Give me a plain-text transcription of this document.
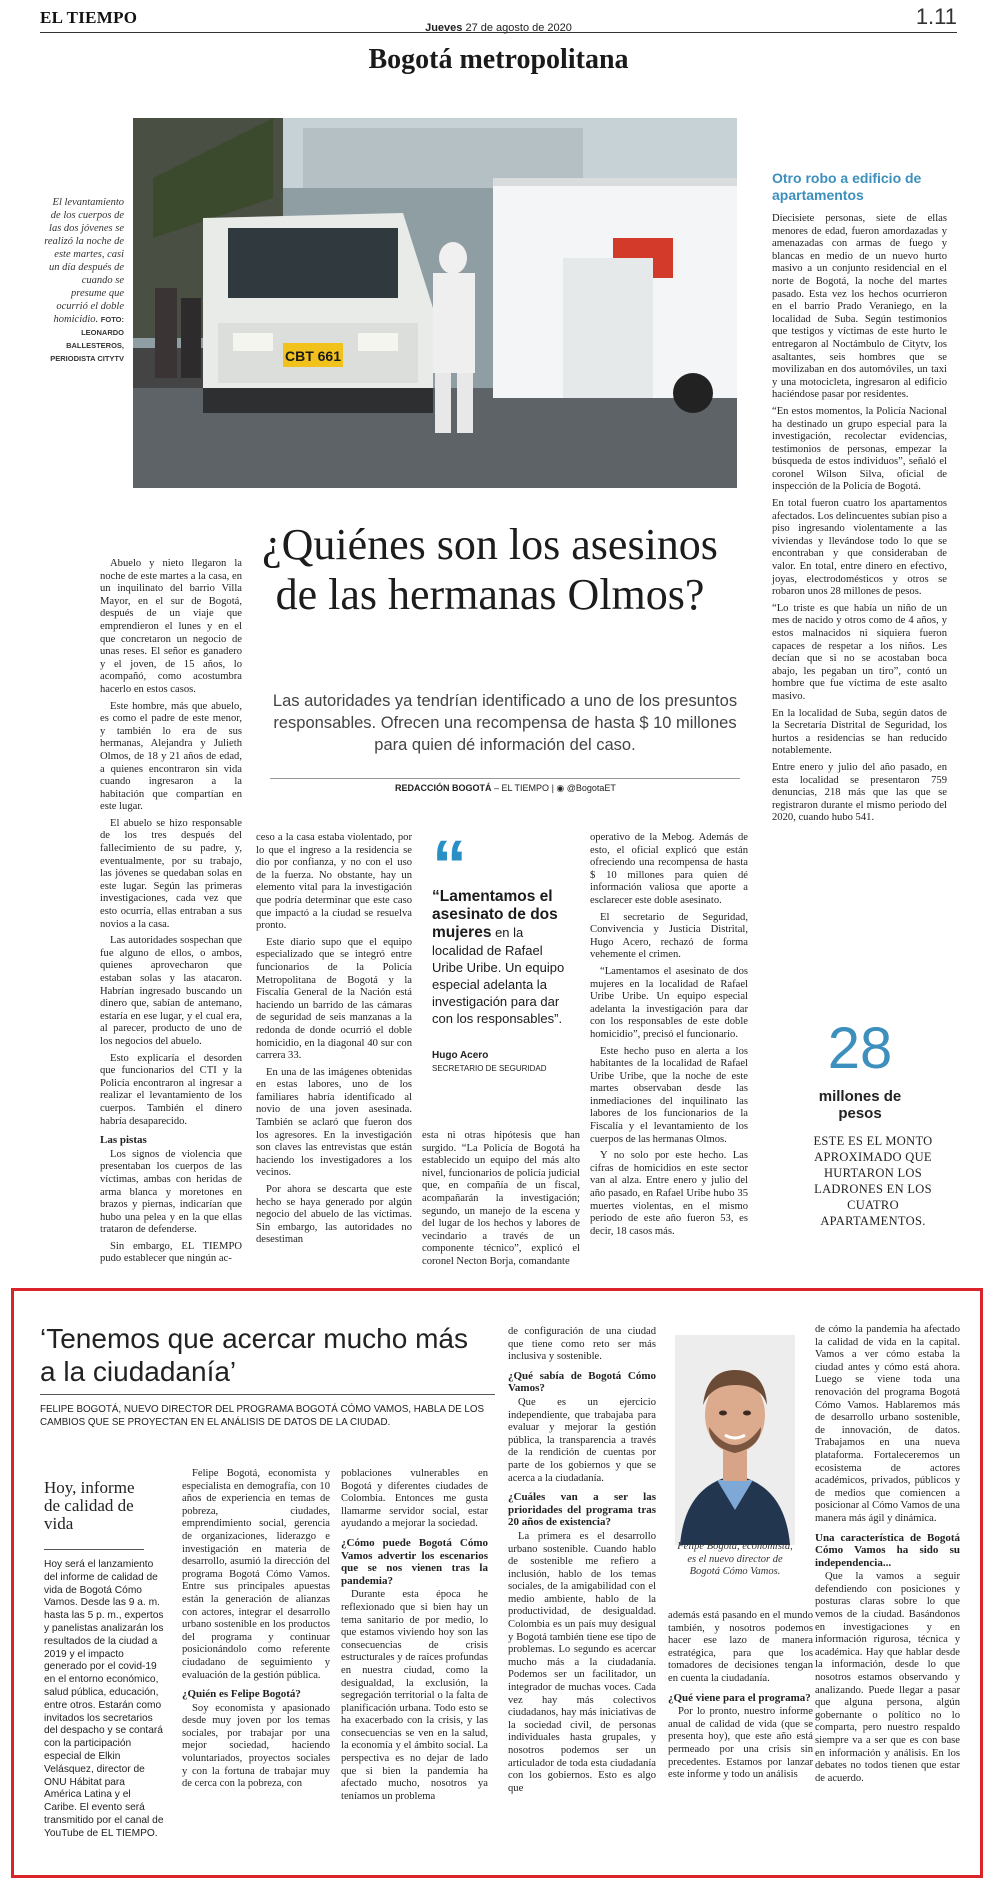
EL TIEMPO
Jueves 27 de agosto de 2020	1.11
Bogotá metropolitana
CBT 661
El levantamiento de los cuerpos de las dos jóvenes se realizó la noche de este martes, casi un día después de cuando se presume que ocurrió el doble homicidio. FOTO: LEONARDO BALLESTEROS, PERIODISTA CITYTV
Otro robo a edificio de apartamentos

Diecisiete personas, siete de ellas menores de edad, fueron amordazadas y amenazadas con armas de fuego y blancas en medio de un nuevo hurto masivo a un conjunto residencial en el norte de Bogotá, la noche del martes pasado. Esta vez los hechos ocurrieron en el barrio Prado Veraniego, en la localidad de Suba. Según testimonios que testigos y víctimas de este hurto le entregaron al Noctámbulo de Citytv, los asaltantes, seis hombres que se movilizaban en dos automóviles, un taxi y una motocicleta, ingresaron al edificio haciéndose pasar por residentes.

“En estos momentos, la Policía Nacional ha destinado un grupo especial para la investigación, recolectar evidencias, testimonios de personas, empezar la búsqueda de estos individuos”, señaló el coronel Wilson Silva, oficial de inspección de la Policía de Bogotá.

En total fueron cuatro los apartamentos afectados. Los delincuentes subían piso a piso ingresando violentamente a las viviendas y llevándose todo lo que se encontraban y que consideraban de valor. En total, entre dinero en efectivo, joyas, electrodomésticos y otros se robaron unos 28 millones de pesos.

“Lo triste es que había un niño de un mes de nacido y otros como de 4 años, y estos malnacidos ni siquiera fueron capaces de respetar a los niños. Les decían que si no se acostaban boca abajo, les pegaban un tiro”, contó un hombre que fue víctima de este asalto masivo.

En la localidad de Suba, según datos de la Secretaría Distrital de Seguridad, los hurtos a residencias se han reducido notablemente.

Entre enero y julio del año pasado, en esta localidad se presentaron 759 denuncias, 218 más que las que se registraron durante el mismo periodo del 2020, cuando hubo 541.

28
millones de pesos
ESTE ES EL MONTO APROXIMADO QUE HURTARON LOS LADRONES EN LOS CUATRO APARTAMENTOS.
¿Quiénes son los asesinos de las hermanas Olmos?
Las autoridades ya tendrían identificado a uno de los presuntos responsables. Ofrecen una recompensa de hasta $ 10 millones para quien dé información del caso.
REDACCIÓN BOGOTÁ – EL TIEMPO | ◉ @BogotaET

Abuelo y nieto llegaron la noche de este martes a la casa, en un inquilinato del barrio Villa Mayor, en el sur de Bogotá, después de un viaje que emprendieron el lunes y en el que concretaron un negocio de unas reses. El señor es ganadero y el joven, de 15 años, lo acompañó, como acostumbra hacerlo en estos casos.

Este hombre, más que abuelo, es como el padre de este menor, y también lo era de sus hermanas, Alejandra y Julieth Olmos, de 18 y 21 años de edad, a quienes encontraron sin vida cuando ingresaron a la habitación que compartían en este lugar.

El abuelo se hizo responsable de los tres después del fallecimiento de su padre, y, eventualmente, por su trabajo, las jóvenes se quedaban solas en este lugar. Según las primeras investigaciones, cada vez que esto ocurría, ellas entraban a sus novios a la casa.

Las autoridades sospechan que fue alguno de ellos, o ambos, quienes aprovecharon que estaban solas y las atacaron. Habrían ingresado buscando un dinero que, sabían de antemano, estaría en ese lugar, y el cual era, al parecer, producto de uno de los negocios del abuelo.

Esto explicaría el desorden que funcionarios del CTI y la Policía encontraron al ingresar a realizar el levantamiento de los cuerpos. También el dinero habría desaparecido.

Las pistas

Los signos de violencia que presentaban los cuerpos de las víctimas, ambas con heridas de arma blanca y moretones en brazos y piernas, indicarían que hubo una pelea y en la que ellas trataron de defenderse.

Sin embargo, EL TIEMPO pudo establecer que ningún ac-

ceso a la casa estaba violentado, por lo que el ingreso a la residencia se dio por confianza, y no con el uso de la fuerza. No obstante, hay un elemento vital para la investigación que podría determinar que este caso que impactó a la ciudad se resuelva pronto.

Este diario supo que el equipo especializado que se integró entre funcionarios de la Policía Metropolitana de Bogotá y la Fiscalía General de la Nación está haciendo un barrido de las cámaras de seguridad de seis manzanas a la redonda de donde ocurrió el doble homicidio, en la diagonal 40 sur con carrera 33.

En una de las imágenes obtenidas en estas labores, uno de los familiares habría identificado al novio de una joven asesinada. También se aclaró que fueron dos los agresores. En la investigación son claves las entrevistas que están haciendo los investigadores a los vecinos.

Por ahora se descarta que este hecho se haya generado por algún negocio del abuelo de las víctimas. Sin embargo, las autoridades no desestiman

“
“Lamentamos el asesinato de dos mujeres en la localidad de Rafael Uribe Uribe. Un equipo especial adelanta la investigación para dar con los responsables”.
Hugo Acero
SECRETARIO DE SEGURIDAD

esta ni otras hipótesis que han surgido. “La Policía de Bogotá ha establecido un equipo del más alto nivel, funcionarios de policía judicial que, en compañía de un fiscal, acompañarán la investigación; segundo, un manejo de la escena y del lugar de los hechos y labores de vecindario a través de un componente técnico”, explicó el coronel Necton Borja, comandante

operativo de la Mebog. Además de esto, el oficial explicó que están ofreciendo una recompensa de hasta $ 10 millones para quien dé información valiosa que aporte a esclarecer este doble asesinato.

El secretario de Seguridad, Convivencia y Justicia Distrital, Hugo Acero, rechazó de forma vehemente el crimen.

“Lamentamos el asesinato de dos mujeres en la localidad de Rafael Uribe Uribe. Un equipo especial adelanta la investigación para dar con los responsables de este doble homicidio”, precisó el funcionario.

Este hecho puso en alerta a los habitantes de la localidad de Rafael Uribe Uribe, que la noche de este martes observaban desde las inmediaciones del inquilinato las labores de los funcionarios de la Fiscalía y el levantamiento de los cuerpos de las hermanas Olmos.

Y no solo por este hecho. Las cifras de homicidios en este sector van al alza. Entre enero y julio del año pasado, en Rafael Uribe hubo 35 muertes violentas, en el mismo periodo de este año fueron 53, es decir, 18 casos más.

‘Tenemos que acercar mucho más a la ciudadanía’
FELIPE BOGOTÁ, NUEVO DIRECTOR DEL PROGRAMA BOGOTÁ CÓMO VAMOS, HABLA DE LOS CAMBIOS QUE SE PROYECTAN EN EL ANÁLISIS DE DATOS DE LA CIUDAD.
Hoy, informe de calidad de vida
Hoy será el lanzamiento del informe de calidad de vida de Bogotá Cómo Vamos. Desde las 9 a. m. hasta las 5 p. m., expertos y panelistas analizarán los resultados de la ciudad a 2019 y el impacto generado por el covid-19 en el entorno económico, salud pública, educación, entre otros. Estarán como invitados los secretarios del despacho y se contará con la participación especial de Elkin Velásquez, director de ONU Hábitat para América Latina y el Caribe. El evento será transmitido por el canal de YouTube de EL TIEMPO.

Felipe Bogotá, economista y especialista en demografía, con 10 años de experiencia en temas de pobreza, ciudades, emprendimiento social, gerencia de organizaciones, liderazgo e investigación en materia de desarrollo, asumió la dirección del programa Bogotá Cómo Vamos. Entre sus principales apuestas están la generación de alianzas con actores, integrar el desarrollo urbano sostenible en los productos del programa y continuar posicionándolo como referente ciudadano de seguimiento y evaluación de la gestión pública.

¿Quién es Felipe Bogotá?

Soy economista y apasionado desde muy joven por los temas sociales, por trabajar por una mejor sociedad, haciendo voluntariados, proyectos sociales y con la fortuna de trabajar muy de cerca con la pobreza, con

poblaciones vulnerables en Bogotá y diferentes ciudades de Colombia. Entonces me gusta llamarme servidor social, estar ayudando a mejorar la sociedad.

¿Cómo puede Bogotá Cómo Vamos advertir los escenarios que se nos vienen tras la pandemia?

Durante esta época he reflexionado que si bien hay un tema sanitario de por medio, lo que estamos viviendo hoy son las consecuencias de crisis estructurales y de raíces profundas en nuestra ciudad, como la desigualdad, la exclusión, la segregación territorial o la falta de planificación urbana. Todo esto se ha exacerbado con la crisis, y las consecuencias se ven en la salud, la economía y el ámbito social. La perspectiva es no dejar de lado que si bien la pandemia ha afectado mucho, nosotros ya teníamos un problema

de configuración de una ciudad que tiene como reto ser más inclusiva y sostenible.

¿Qué sabía de Bogotá Cómo Vamos?

Que es un ejercicio independiente, que trabajaba para evaluar y mejorar la gestión pública, la transparencia a través de la rendición de cuentas por parte de los gobiernos y que se acerca a la ciudadanía.

¿Cuáles van a ser las prioridades del programa tras 20 años de existencia?

La primera es el desarrollo urbano sostenible. Cuando hablo de sostenible me refiero a inclusión, hablo de los temas sociales, de la amigabilidad con el medio ambiente, hablo de la productividad, de desigualdad. Colombia es un país muy desigual y Bogotá también tiene ese tipo de problemas. Lo segundo es acercar mucho más a la ciudadanía. Podemos ser un facilitador, un integrador de muchas voces. Cada vez hay más colectivos ciudadanos, hay más iniciativas de la sociedad civil, de personas individuales hasta grupales, y nosotros podemos ser un articulador de toda esta ciudadanía con los gobiernos. Esto es algo que

Felipe Bogotá, economista, es el nuevo director de Bogotá Cómo Vamos.

además está pasando en el mundo también, y nosotros podemos hacer ese lazo de manera estratégica, para que los tomadores de decisiones tengan en cuenta la ciudadanía.

¿Qué viene para el programa?

Por lo pronto, nuestro informe anual de calidad de vida (que se presenta hoy), que este año está permeado por una crisis sin precedentes. Estamos por lanzar este informe y todo un análisis

de cómo la pandemia ha afectado la calidad de vida en la capital. Vamos a ver cómo estaba la ciudad antes y cómo está ahora. Luego se viene toda una renovación del programa Bogotá Cómo Vamos. Hablaremos más de desarrollo urbano sostenible, de innovación, de datos. Trabajamos en una nueva plataforma. Fortaleceremos un ecosistema de actores académicos, privados, públicos y de medios que comiencen a posicionar al Cómo Vamos de una manera más ágil y dinámica.

Una característica de Bogotá Cómo Vamos ha sido su independencia...

Que la vamos a seguir defendiendo con posiciones y posturas claras sobre lo que vemos de la ciudad. Basándonos en investigaciones y en información rigurosa, técnica y académica. Hay que hablar desde la información, desde lo que nosotros estamos observando y analizando. Puede llegar a pasar que alguna persona, algún gobernante o político no lo comparta, pero nuestro respaldo siempre va a ser que es con base en información y análisis. En los debates no todos tienen que estar de acuerdo.
